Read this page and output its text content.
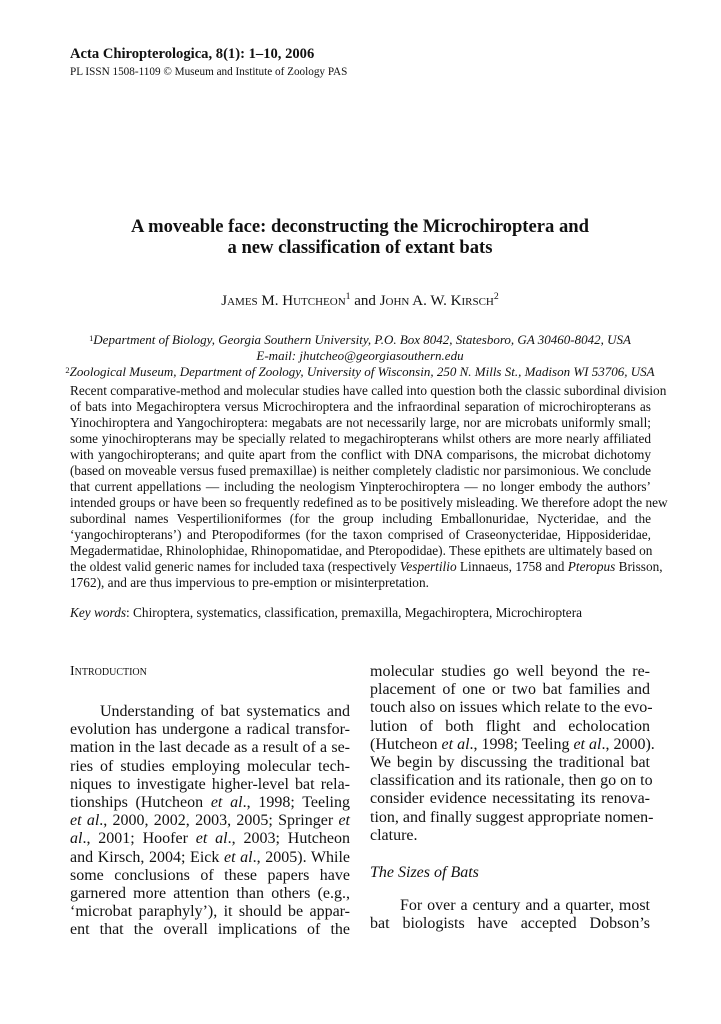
Acta Chiropterologica, 8(1): 1–10, 2006
PL ISSN 1508-1109 © Museum and Institute of Zoology PAS
A moveable face: deconstructing the Microchiroptera and
a new classification of extant bats
James M. Hutcheon$^1$ and John A. W. Kirsch$^2$
$^1$Department of Biology, Georgia Southern University, P.O. Box 8042, Statesboro, GA 30460-8042, USA
E-mail: jhutcheo@georgiasouthern.edu
$^2$Zoological Museum, Department of Zoology, University of Wisconsin, 250 N. Mills St., Madison WI 53706, USA
Recent comparative-method and molecular studies have called into question both the classic subordinal division
of bats into Megachiroptera versus Microchiroptera and the infraordinal separation of microchiropterans as
Yinochiroptera and Yangochiroptera: megabats are not necessarily large, nor are microbats uniformly small;
some yinochiropterans may be specially related to megachiropterans whilst others are more nearly affiliated
with yangochiropterans; and quite apart from the conflict with DNA comparisons, the microbat dichotomy
(based on moveable versus fused premaxillae) is neither completely cladistic nor parsimonious. We conclude
that current appellations — including the neologism Yinpterochiroptera — no longer embody the authors’
intended groups or have been so frequently redefined as to be positively misleading. We therefore adopt the new
subordinal names Vespertilioniformes (for the group including Emballonuridae, Nycteridae, and the
‘yangochiropterans’) and Pteropodiformes (for the taxon comprised of Craseonycteridae, Hipposideridae,
Megadermatidae, Rhinolophidae, Rhinopomatidae, and Pteropodidae). These epithets are ultimately based on
the oldest valid generic names for included taxa (respectively Vespertilio Linnaeus, 1758 and Pteropus Brisson,
1762), and are thus impervious to pre-emption or misinterpretation.
Key words: Chiroptera, systematics, classification, premaxilla, Megachiroptera, Microchiroptera
Introduction
Understanding of bat systematics and
evolution has undergone a radical transfor-
mation in the last decade as a result of a se-
ries of studies employing molecular tech-
niques to investigate higher-level bat rela-
tionships (Hutcheon et al., 1998; Teeling
et al., 2000, 2002, 2003, 2005; Springer et
al., 2001; Hoofer et al., 2003; Hutcheon
and Kirsch, 2004; Eick et al., 2005). While
some conclusions of these papers have
garnered more attention than others (e.g.,
‘microbat paraphyly’), it should be appar-
ent that the overall implications of the
molecular studies go well beyond the re-
placement of one or two bat families and
touch also on issues which relate to the evo-
lution of both flight and echolocation
(Hutcheon et al., 1998; Teeling et al., 2000).
We begin by discussing the traditional bat
classification and its rationale, then go on to
consider evidence necessitating its renova-
tion, and finally suggest appropriate nomen-
clature.
The Sizes of Bats
For over a century and a quarter, most
bat biologists have accepted Dobson’s
